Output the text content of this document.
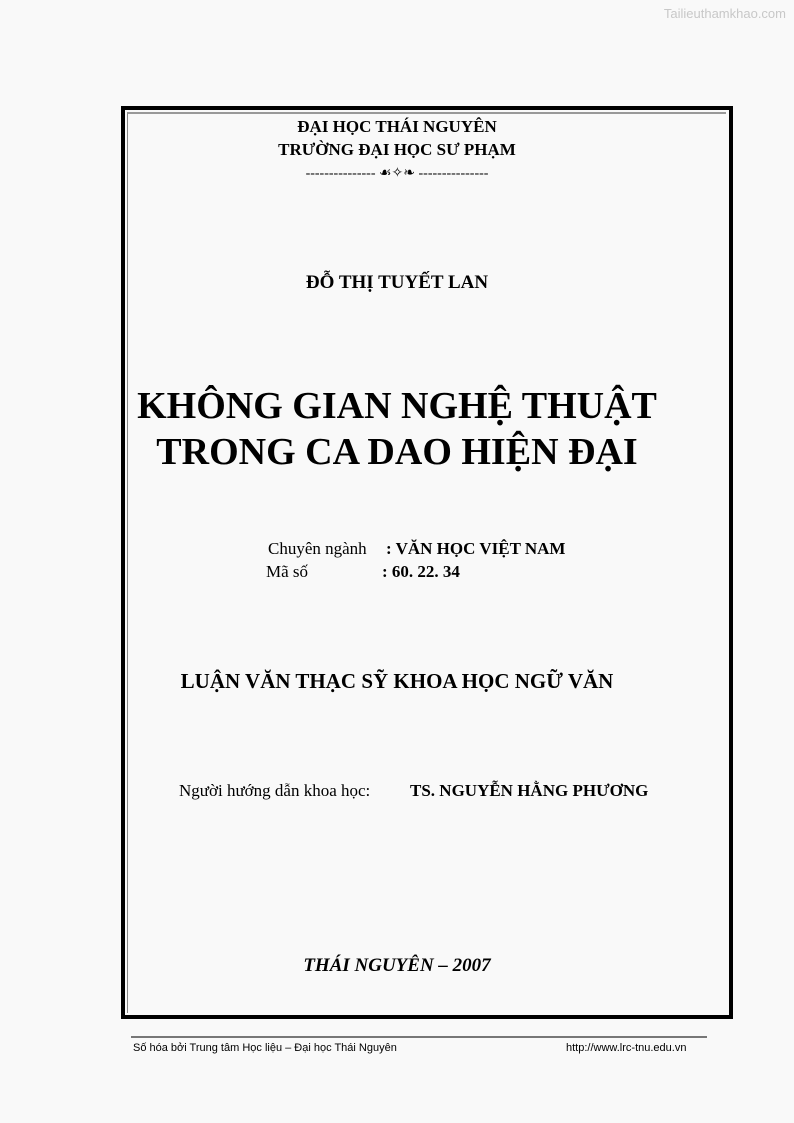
Tailieuthamkhao.com
ĐẠI HỌC THÁI NGUYÊN
TRƯỜNG ĐẠI HỌC SƯ PHẠM
--------------- ☙✧❧ ---------------
ĐỖ THỊ TUYẾT LAN
KHÔNG GIAN NGHỆ THUẬT
TRONG CA DAO HIỆN ĐẠI
Chuyên ngành : VĂN HỌC VIỆT NAM
Mã số	: 60. 22. 34
LUẬN VĂN THẠC SỸ KHOA HỌC NGỮ VĂN
Người hướng dẫn khoa học: TS. NGUYỄN HẰNG PHƯƠNG
THÁI NGUYÊN – 2007
Số hóa bởi Trung tâm Học liệu – Đại học Thái Nguyên	http://www.lrc-tnu.edu.vn
